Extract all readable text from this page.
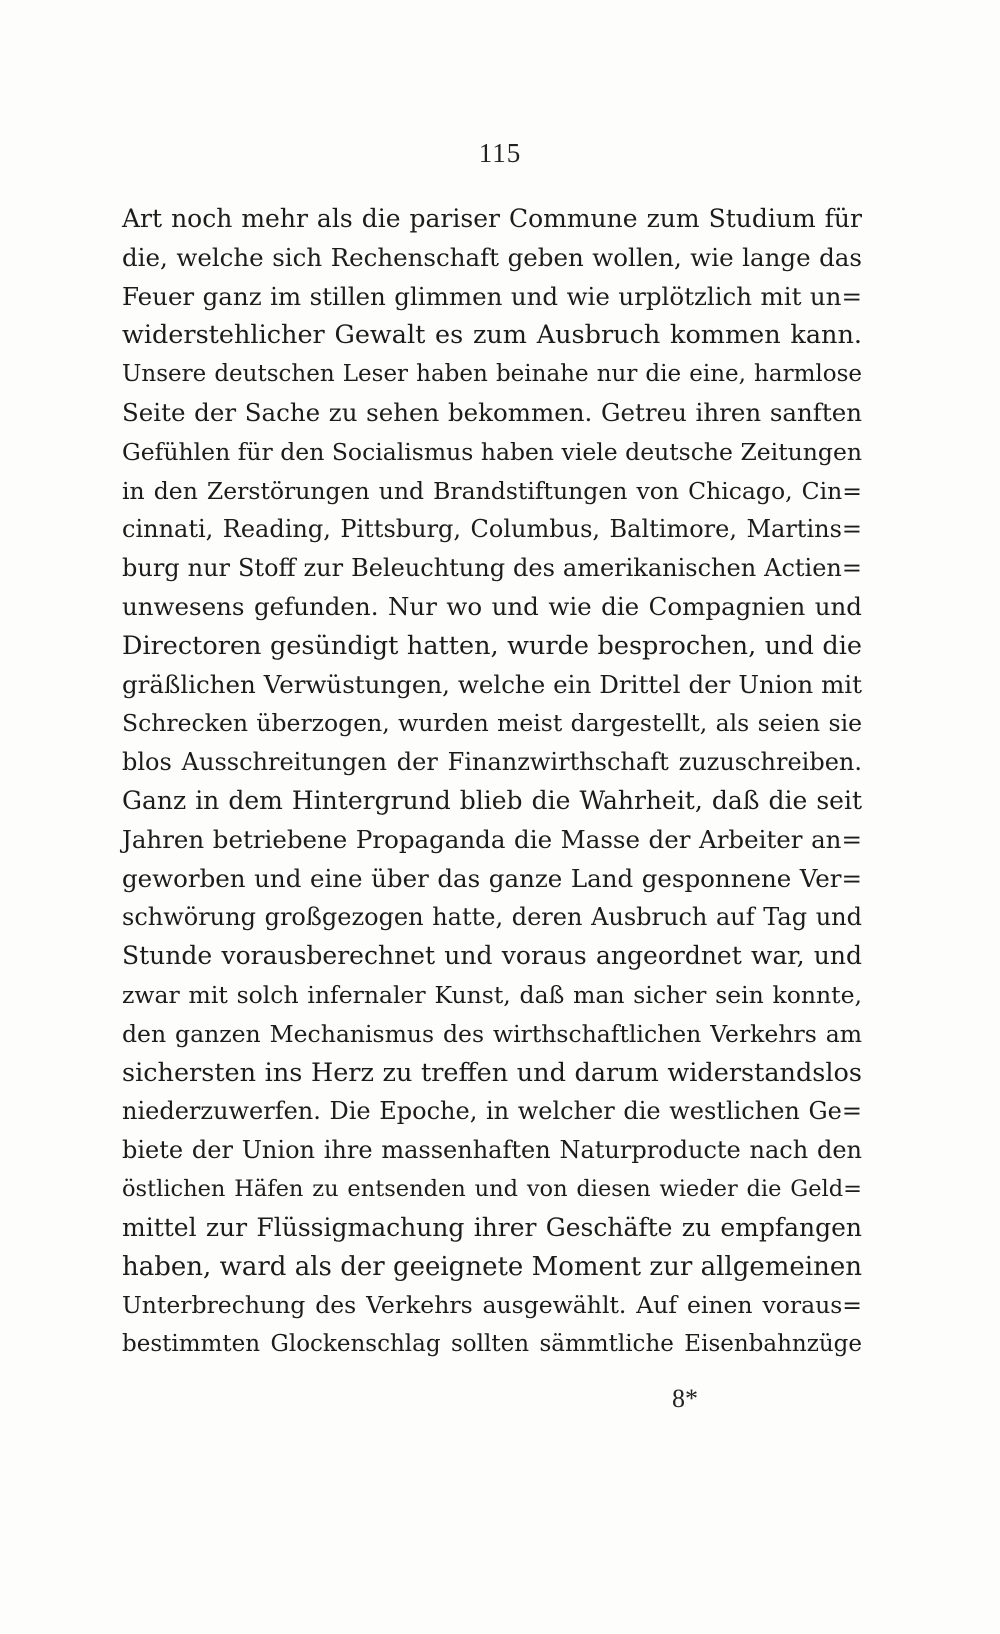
115
Art noch mehr als die pariser Commune zum Studium für
die, welche sich Rechenschaft geben wollen, wie lange das
Feuer ganz im stillen glimmen und wie urplötzlich mit un=
widerstehlicher Gewalt es zum Ausbruch kommen kann.
Unsere deutschen Leser haben beinahe nur die eine, harmlose
Seite der Sache zu sehen bekommen. Getreu ihren sanften
Gefühlen für den Socialismus haben viele deutsche Zeitungen
in den Zerstörungen und Brandstiftungen von Chicago, Cin=
cinnati, Reading, Pittsburg, Columbus, Baltimore, Martins=
burg nur Stoff zur Beleuchtung des amerikanischen Actien=
unwesens gefunden. Nur wo und wie die Compagnien und
Directoren gesündigt hatten, wurde besprochen, und die
gräßlichen Verwüstungen, welche ein Drittel der Union mit
Schrecken überzogen, wurden meist dargestellt, als seien sie
blos Ausschreitungen der Finanzwirthschaft zuzuschreiben.
Ganz in dem Hintergrund blieb die Wahrheit, daß die seit
Jahren betriebene Propaganda die Masse der Arbeiter an=
geworben und eine über das ganze Land gesponnene Ver=
schwörung großgezogen hatte, deren Ausbruch auf Tag und
Stunde vorausberechnet und voraus angeordnet war, und
zwar mit solch infernaler Kunst, daß man sicher sein konnte,
den ganzen Mechanismus des wirthschaftlichen Verkehrs am
sichersten ins Herz zu treffen und darum widerstandslos
niederzuwerfen. Die Epoche, in welcher die westlichen Ge=
biete der Union ihre massenhaften Naturproducte nach den
östlichen Häfen zu entsenden und von diesen wieder die Geld=
mittel zur Flüssigmachung ihrer Geschäfte zu empfangen
haben, ward als der geeignete Moment zur allgemeinen
Unterbrechung des Verkehrs ausgewählt. Auf einen voraus=
bestimmten Glockenschlag sollten sämmtliche Eisenbahnzüge
8*
